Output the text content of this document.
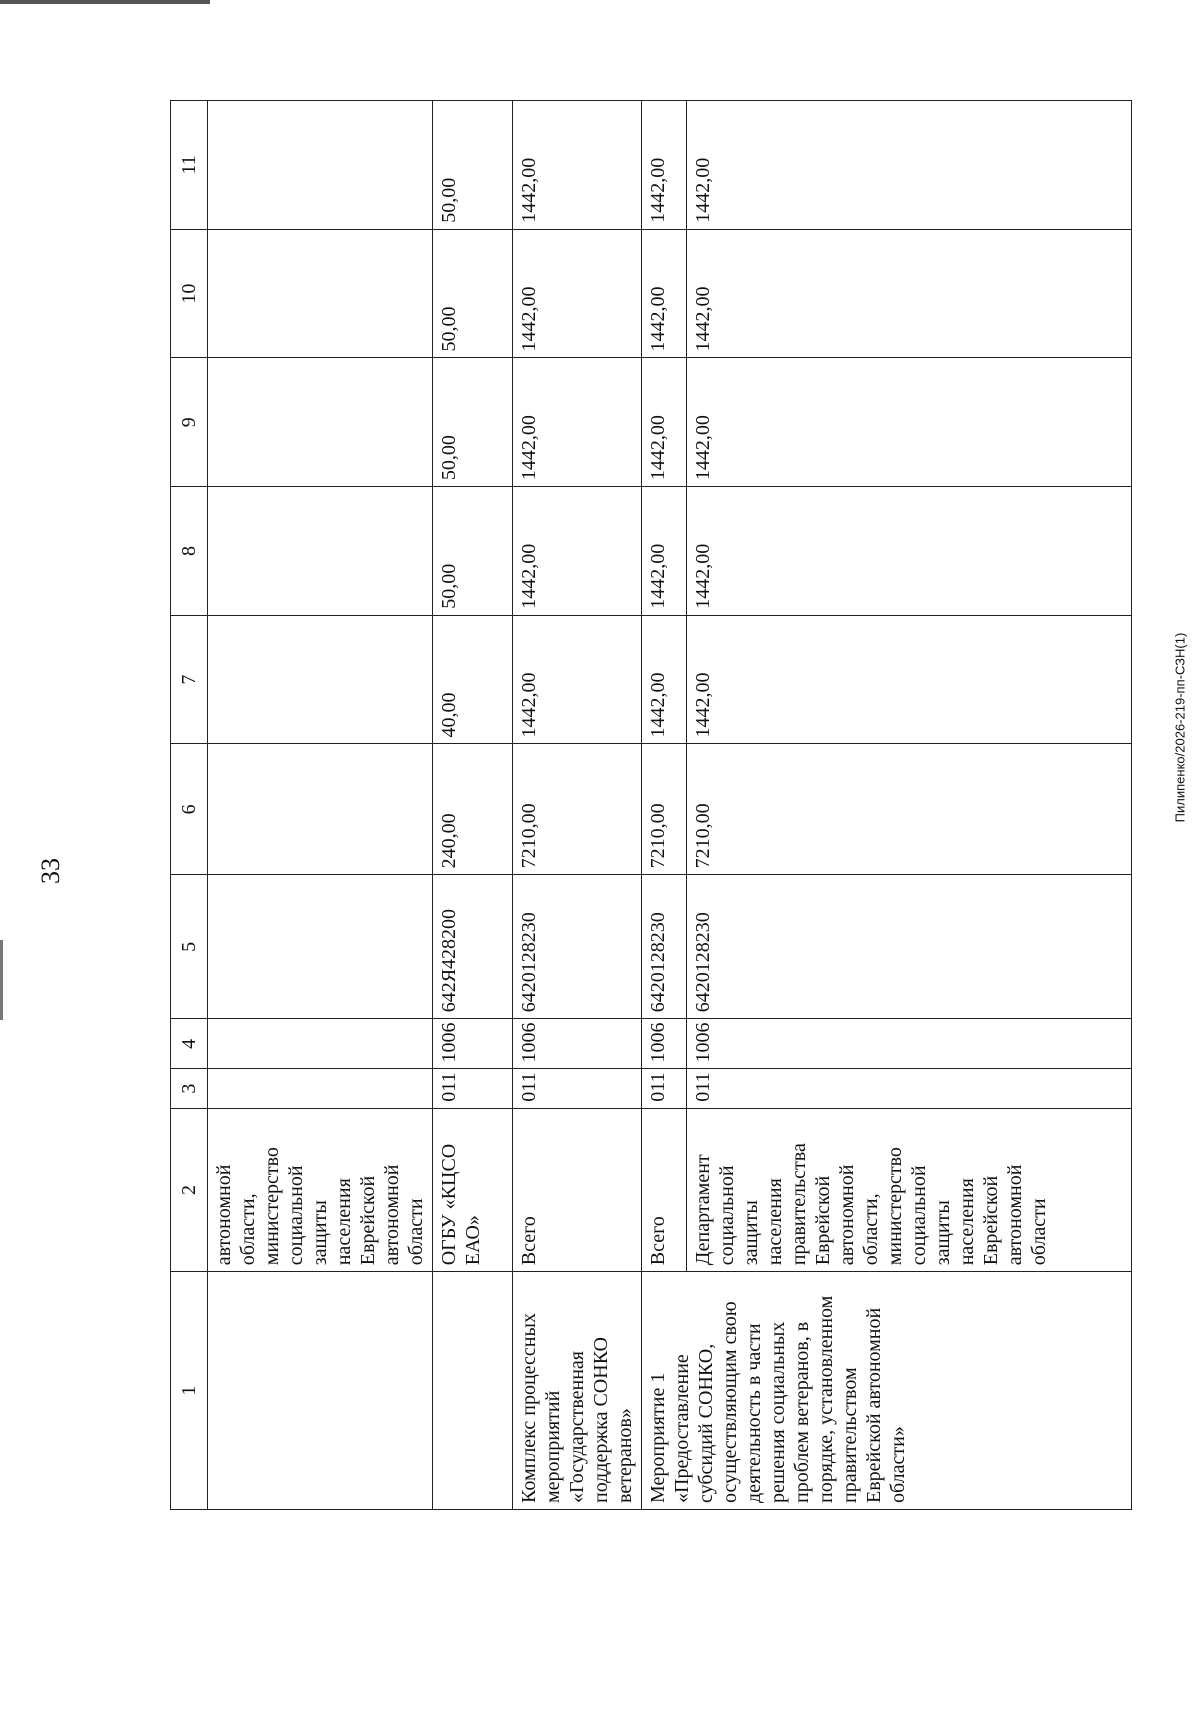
33
Пилипенко/2026-219-пп-СЗН(1)
1	2	3	4	5	6	7	8	9	10	11
	автономной области, министерство социальной защиты населения Еврейской автономной области									
	ОГБУ «КЦСО ЕАО»	011	1006	642Я428200	240,00	40,00	50,00	50,00	50,00	50,00
Комплекс процессных мероприятий «Государственная поддержка СОНКО ветеранов»	Всего	011	1006	6420128230	7210,00	1442,00	1442,00	1442,00	1442,00	1442,00
Мероприятие 1 «Предоставление субсидий СОНКО, осуществляющим свою деятельность в части решения социальных проблем ветеранов, в порядке, установленном правительством Еврейской автономной области»	Всего	011	1006	6420128230	7210,00	1442,00	1442,00	1442,00	1442,00	1442,00
	Департамент социальной защиты населения правительства Еврейской автономной области, министерство социальной защиты населения Еврейской автономной области	011	1006	6420128230	7210,00	1442,00	1442,00	1442,00	1442,00	1442,00
